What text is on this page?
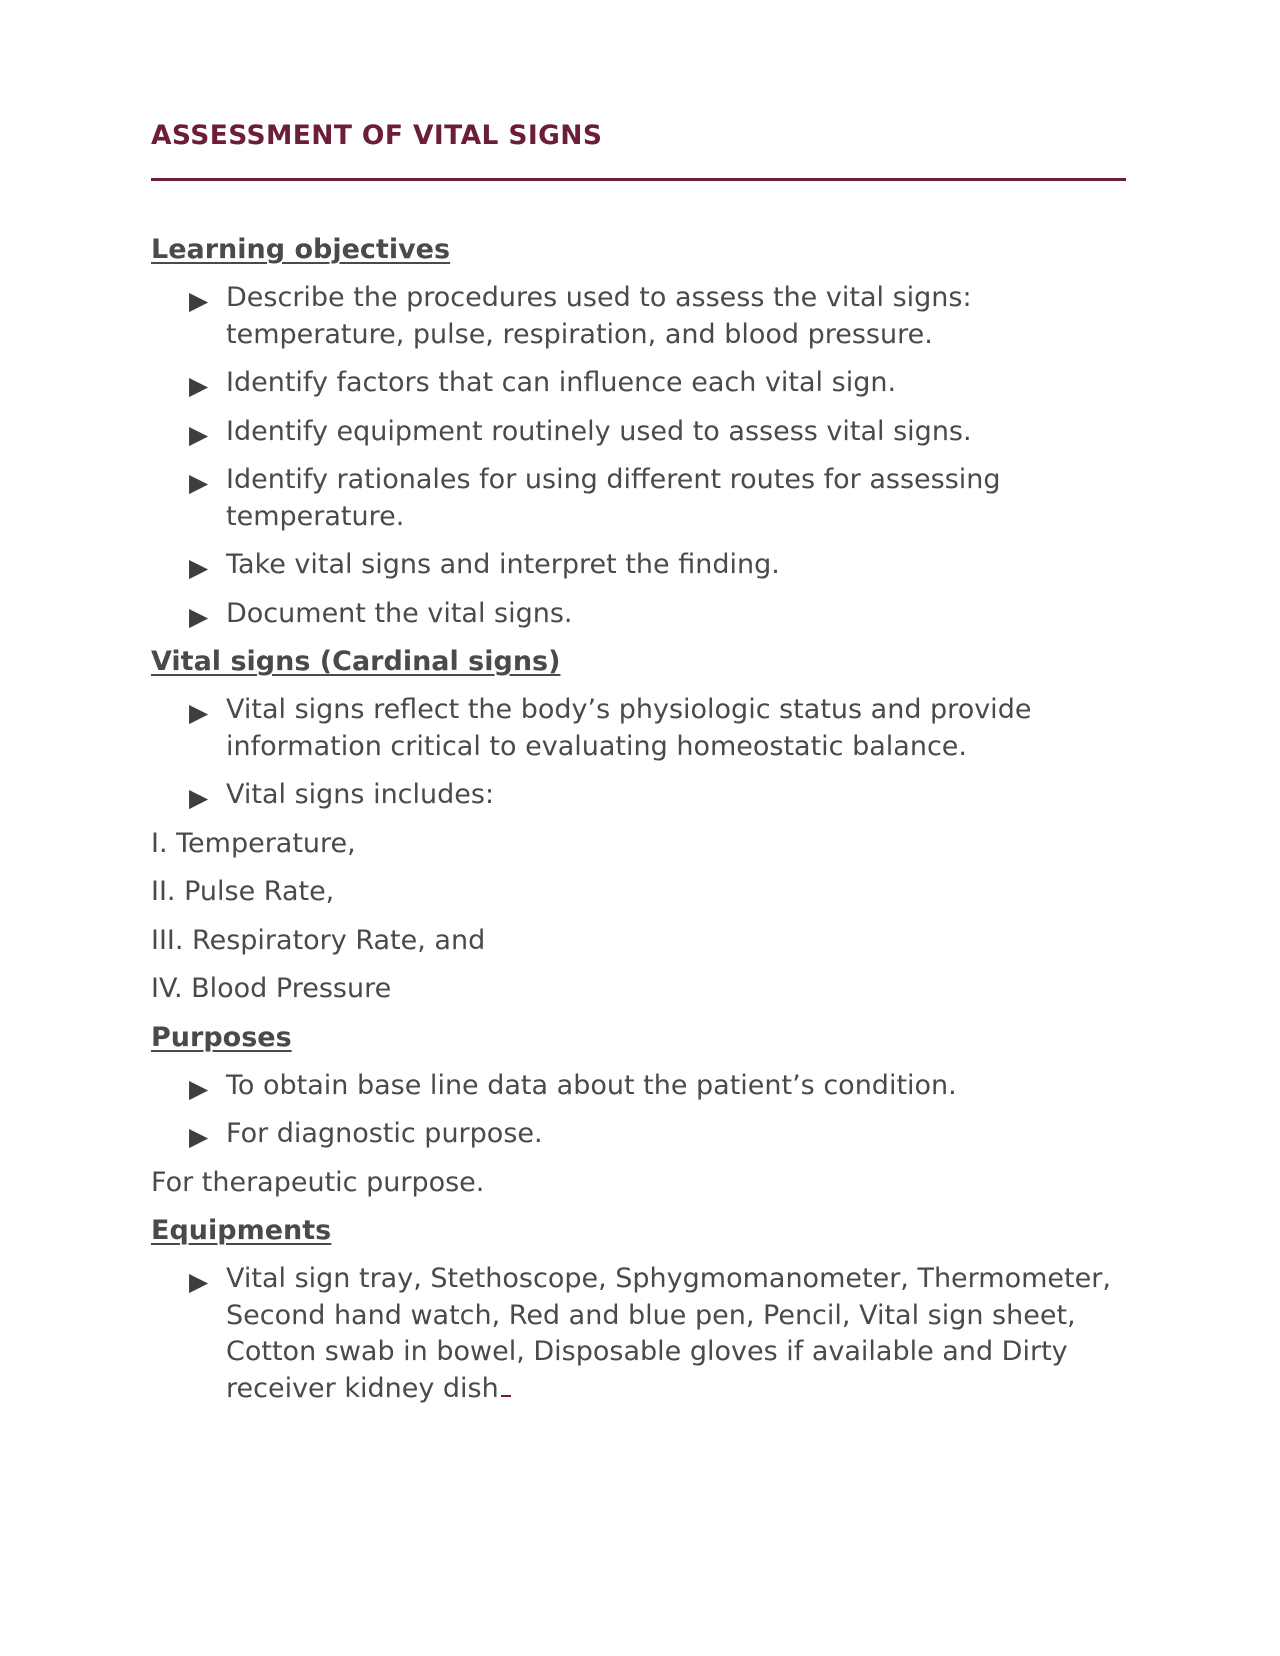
ASSESSMENT OF VITAL SIGNS
Learning objectives
▶ Describe the procedures used to assess the vital signs: temperature, pulse, respiration, and blood pressure.
▶ Identify factors that can influence each vital sign.
▶ Identify equipment routinely used to assess vital signs.
▶ Identify rationales for using different routes for assessing temperature.
▶ Take vital signs and interpret the finding.
▶ Document the vital signs.
Vital signs (Cardinal signs)
▶ Vital signs reflect the body’s physiologic status and provide information critical to evaluating homeostatic balance.
▶ Vital signs includes:

I. Temperature,

II. Pulse Rate,

III. Respiratory Rate, and

IV. Blood Pressure

Purposes
▶ To obtain base line data about the patient’s condition.
▶ For diagnostic purpose.

For therapeutic purpose.

Equipments
▶ Vital sign tray, Stethoscope, Sphygmomanometer, Thermometer, Second hand watch, Red and blue pen, Pencil, Vital sign sheet, Cotton swab in bowel, Disposable gloves if available and Dirty receiver kidney dish
